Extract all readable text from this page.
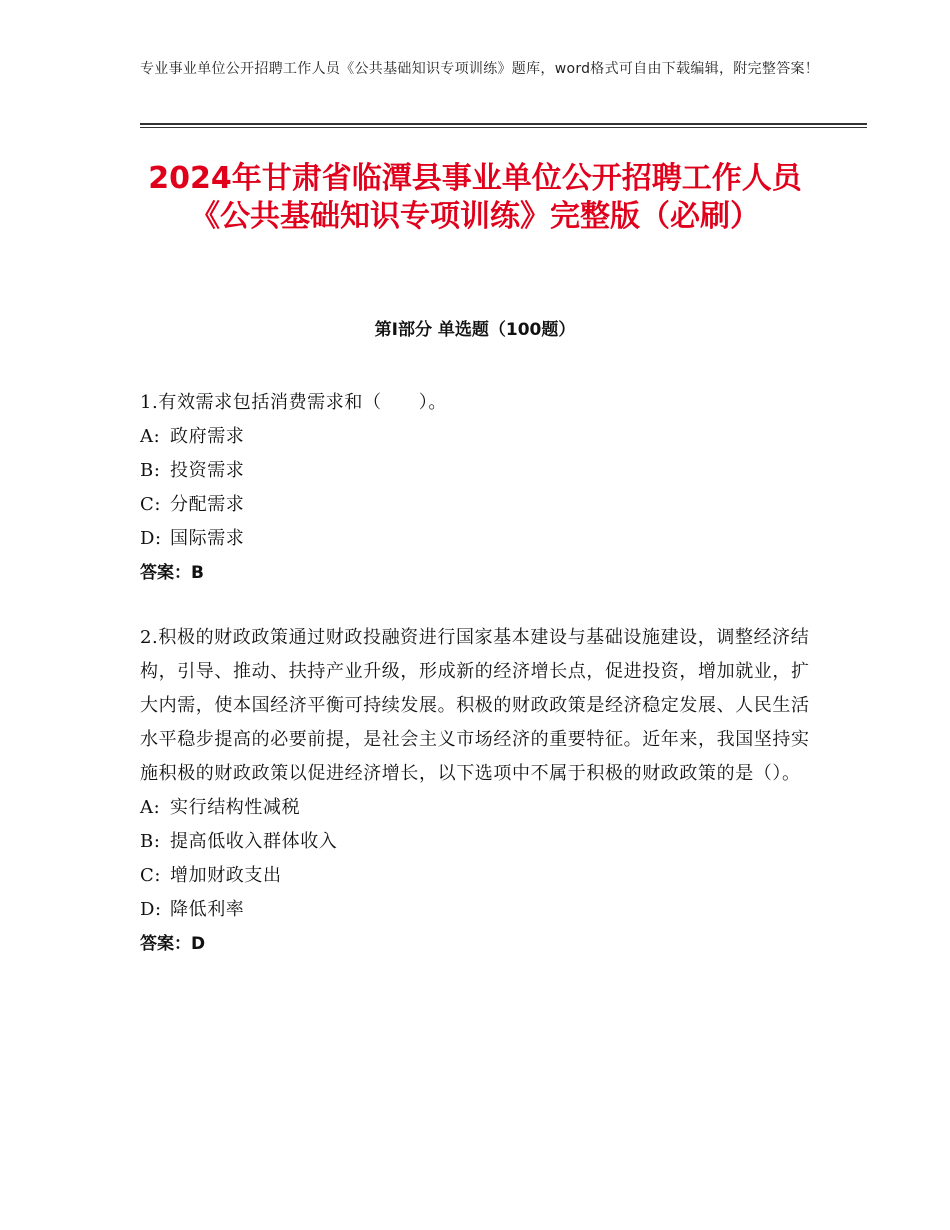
专业事业单位公开招聘工作人员《公共基础知识专项训练》题库，word格式可自由下载编辑，附完整答案！
2024年甘肃省临潭县事业单位公开招聘工作人员《公共基础知识专项训练》完整版（必刷）
第Ⅰ部分 单选题（100题）
1.有效需求包括消费需求和（　　）。
A: 政府需求
B: 投资需求
C: 分配需求
D: 国际需求
答案：B
2.积极的财政政策通过财政投融资进行国家基本建设与基础设施建设，调整经济结构，引导、推动、扶持产业升级，形成新的经济增长点，促进投资，增加就业，扩大内需，使本国经济平衡可持续发展。积极的财政政策是经济稳定发展、人民生活水平稳步提高的必要前提，是社会主义市场经济的重要特征。近年来，我国坚持实施积极的财政政策以促进经济增长，以下选项中不属于积极的财政政策的是（）。
A: 实行结构性减税
B: 提高低收入群体收入
C: 增加财政支出
D: 降低利率
答案：D
